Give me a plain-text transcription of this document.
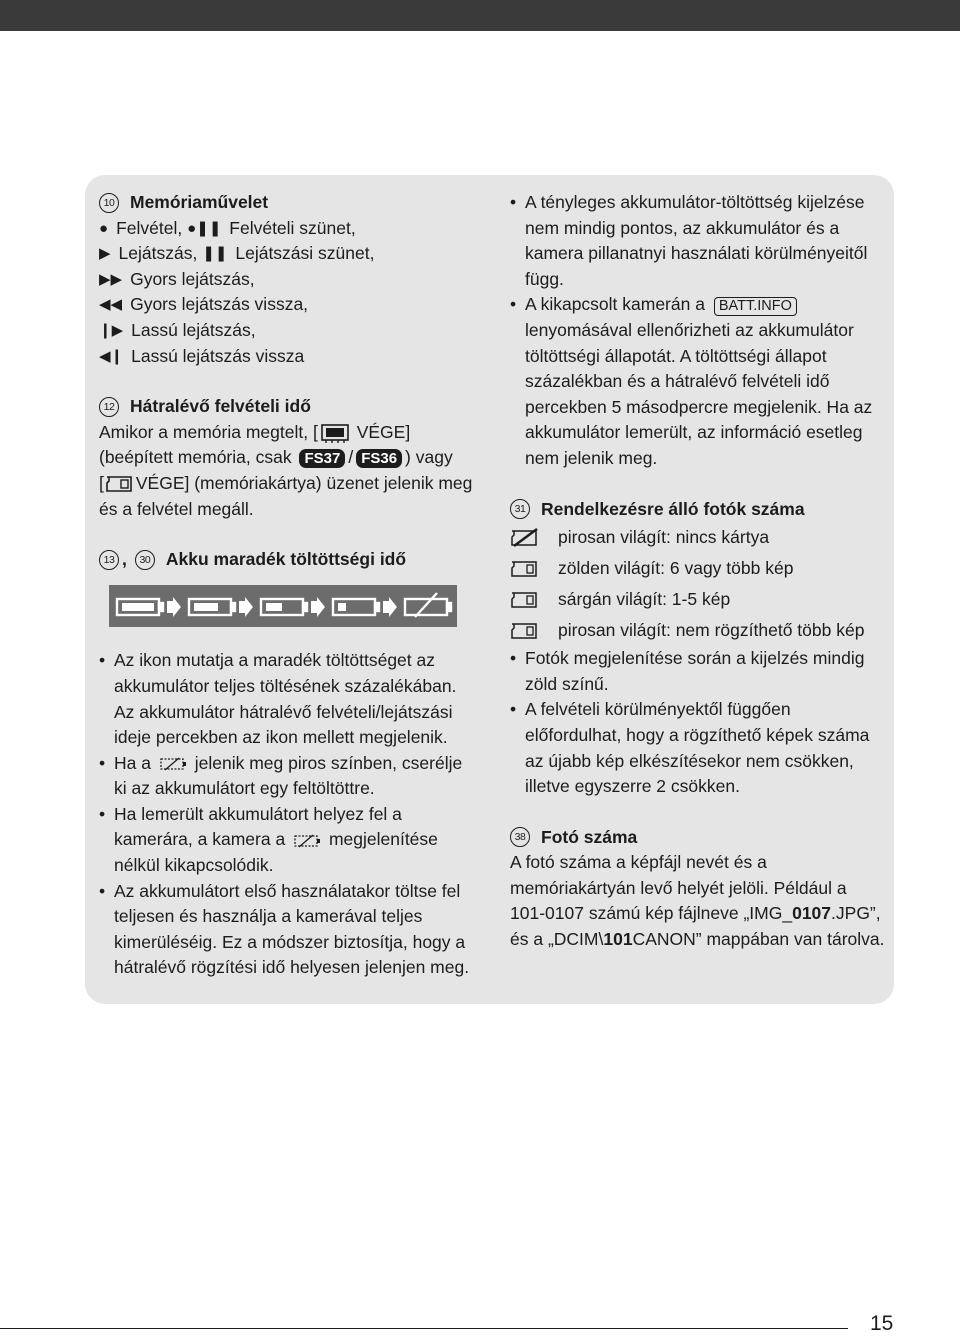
10 Memóriaművelet
● Felvétel,
●❚❚ Felvételi szünet,
▶ Lejátszás,
❚❚ Lejátszási szünet,
▶▶ Gyors lejátszás,
◀◀ Gyors lejátszás vissza,
❙▶ Lassú lejátszás,
◀❙ Lassú lejátszás vissza
12 Hátralévő felvételi idő
Amikor a memória megtelt, [
VÉGE]
(beépített memória, csak
FS37 / FS36 ) vagy
[ VÉGE] (memóriakártya) üzenet jelenik meg
és a felvétel megáll.
13 ,	30 Akku maradék töltöttségi idő
• Az ikon mutatja a maradék töltöttséget az akkumulátor teljes töltésének százalékában. Az akkumulátor hátralévő felvételi/lejátszási ideje percekben az ikon mellett megjelenik.
• Ha a	jelenik meg piros színben, cserélje ki az akkumulátort egy feltöltöttre.
• Ha lemerült akkumulátort helyez fel a kamerára, a kamera a	megjelenítése nélkül kikapcsolódik.
• Az akkumulátort első használatakor töltse fel teljesen és használja a kamerával teljes kimerüléséig. Ez a módszer biztosítja, hogy a hátralévő rögzítési idő helyesen jelenjen meg.
• A tényleges akkumulátor-töltöttség kijelzése nem mindig pontos, az akkumulátor és a kamera pillanatnyi használati körülményeitől függ.
• A kikapcsolt kamerán a BATT.INFO lenyomásával ellenőrizheti az akkumulátor töltöttségi állapotát. A töltöttségi állapot százalékban és a hátralévő felvételi idő percekben 5 másodpercre megjelenik. Ha az akkumulátor lemerült, az információ esetleg nem jelenik meg.
31 Rendelkezésre álló fotók száma
pirosan világít: nincs kártya
zölden világít: 6 vagy több kép
sárgán világít: 1-5 kép
pirosan világít: nem rögzíthető több kép
• Fotók megjelenítése során a kijelzés mindig zöld színű.
• A felvételi körülményektől függően előfordulhat, hogy a rögzíthető képek száma az újabb kép elkészítésekor nem csökken, illetve egyszerre 2 csökken.
38 Fotó száma
A fotó száma a képfájl nevét és a memóriakártyán levő helyét jelöli. Például a 101-0107 számú kép fájlneve „IMG_0107.JPG”, és a „DCIM\101CANON” mappában van tárolva.
15
